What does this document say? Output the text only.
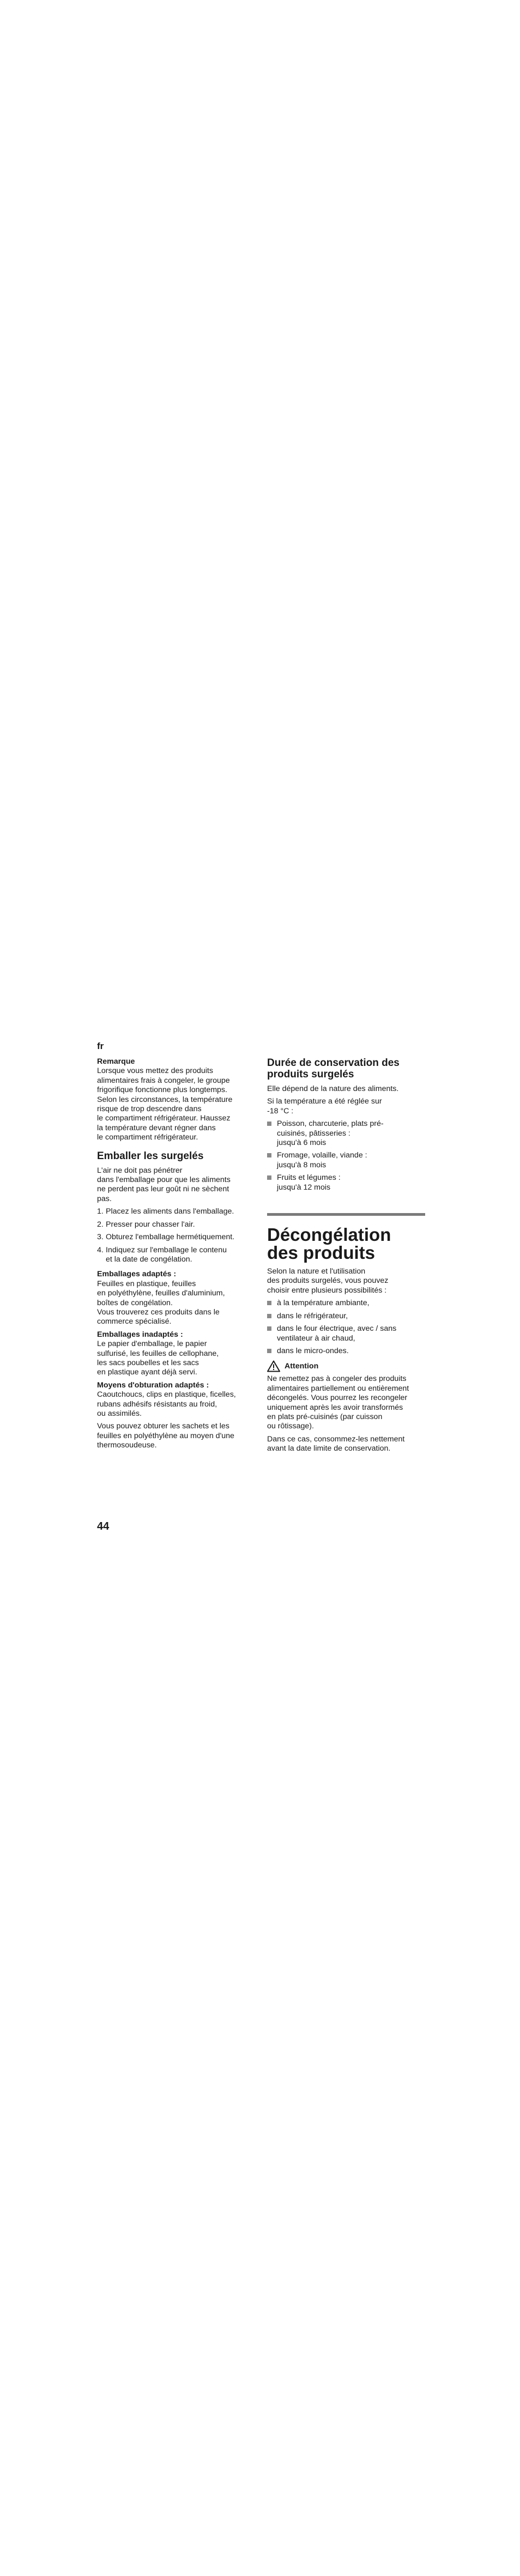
fr

Remarque

Lorsque vous mettez des produits
alimentaires frais à congeler, le groupe
frigorifique fonctionne plus longtemps.
Selon les circonstances, la température
risque de trop descendre dans
le compartiment réfrigérateur. Haussez
la température devant régner dans
le compartiment réfrigérateur.

Emballer les surgelés

L'air ne doit pas pénétrer
dans l'emballage pour que les aliments
ne perdent pas leur goût ni ne sèchent
pas.

1. Placez les aliments dans l'emballage.
2. Presser pour chasser l'air.
3. Obturez l'emballage hermétiquement.
4. Indiquez sur l'emballage le contenu
et la date de congélation.

Emballages adaptés :

Feuilles en plastique, feuilles
en polyéthylène, feuilles d'aluminium,
boîtes de congélation.
Vous trouverez ces produits dans le
commerce spécialisé.

Emballages inadaptés :

Le papier d'emballage, le papier
sulfurisé, les feuilles de cellophane,
les sacs poubelles et les sacs
en plastique ayant déjà servi.

Moyens d'obturation adaptés :

Caoutchoucs, clips en plastique, ficelles,
rubans adhésifs résistants au froid,
ou assimilés.

Vous pouvez obturer les sachets et les
feuilles en polyéthylène au moyen d'une
thermosoudeuse.

Durée de conservation des
produits surgelés

Elle dépend de la nature des aliments.

Si la température a été réglée sur
-18 °C :

Poisson, charcuterie, plats pré-
cuisinés, pâtisseries :
jusqu'à 6 mois
Fromage, volaille, viande :
jusqu'à 8 mois
Fruits et légumes :
jusqu'à 12 mois
Décongélation
des produits

Selon la nature et l'utilisation
des produits surgelés, vous pouvez
choisir entre plusieurs possibilités :

à la température ambiante,
dans le réfrigérateur,
dans le four électrique, avec / sans
ventilateur à air chaud,
dans le micro-ondes.
Attention

Ne remettez pas à congeler des produits
alimentaires partiellement ou entièrement
décongelés. Vous pourrez les recongeler
uniquement après les avoir transformés
en plats pré-cuisinés (par cuisson
ou rôtissage).

Dans ce cas, consommez-les nettement
avant la date limite de conservation.

44
